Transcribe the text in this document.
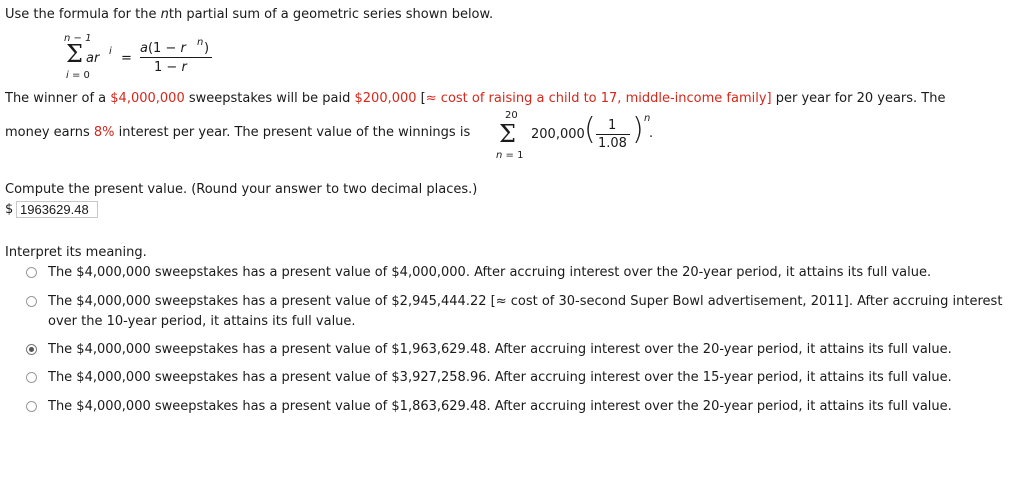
Use the formula for the nth partial sum of a geometric series shown below.
n − 1
Σ
i = 0
ar i =
a(1 − r n )
1 − r
The winner of a $4,000,000 sweepstakes will be paid $200,000 [≈ cost of raising a child to 17, middle-income family] per year for 20 years. The
money earns 8% interest per year. The present value of the winnings is
20
Σ
n = 1
200,000 ( 1
1.08 ) n
.
Compute the present value. (Round your answer to two decimal places.)
$ 1963629.48
Interpret its meaning.
The $4,000,000 sweepstakes has a present value of $4,000,000. After accruing interest over the 20-year period, it attains its full value.
The $4,000,000 sweepstakes has a present value of $2,945,444.22 [≈ cost of 30-second Super Bowl advertisement, 2011]. After accruing interest over the 10-year period, it attains its full value.
The $4,000,000 sweepstakes has a present value of $1,963,629.48. After accruing interest over the 20-year period, it attains its full value.
The $4,000,000 sweepstakes has a present value of $3,927,258.96. After accruing interest over the 15-year period, it attains its full value.
The $4,000,000 sweepstakes has a present value of $1,863,629.48. After accruing interest over the 20-year period, it attains its full value.
